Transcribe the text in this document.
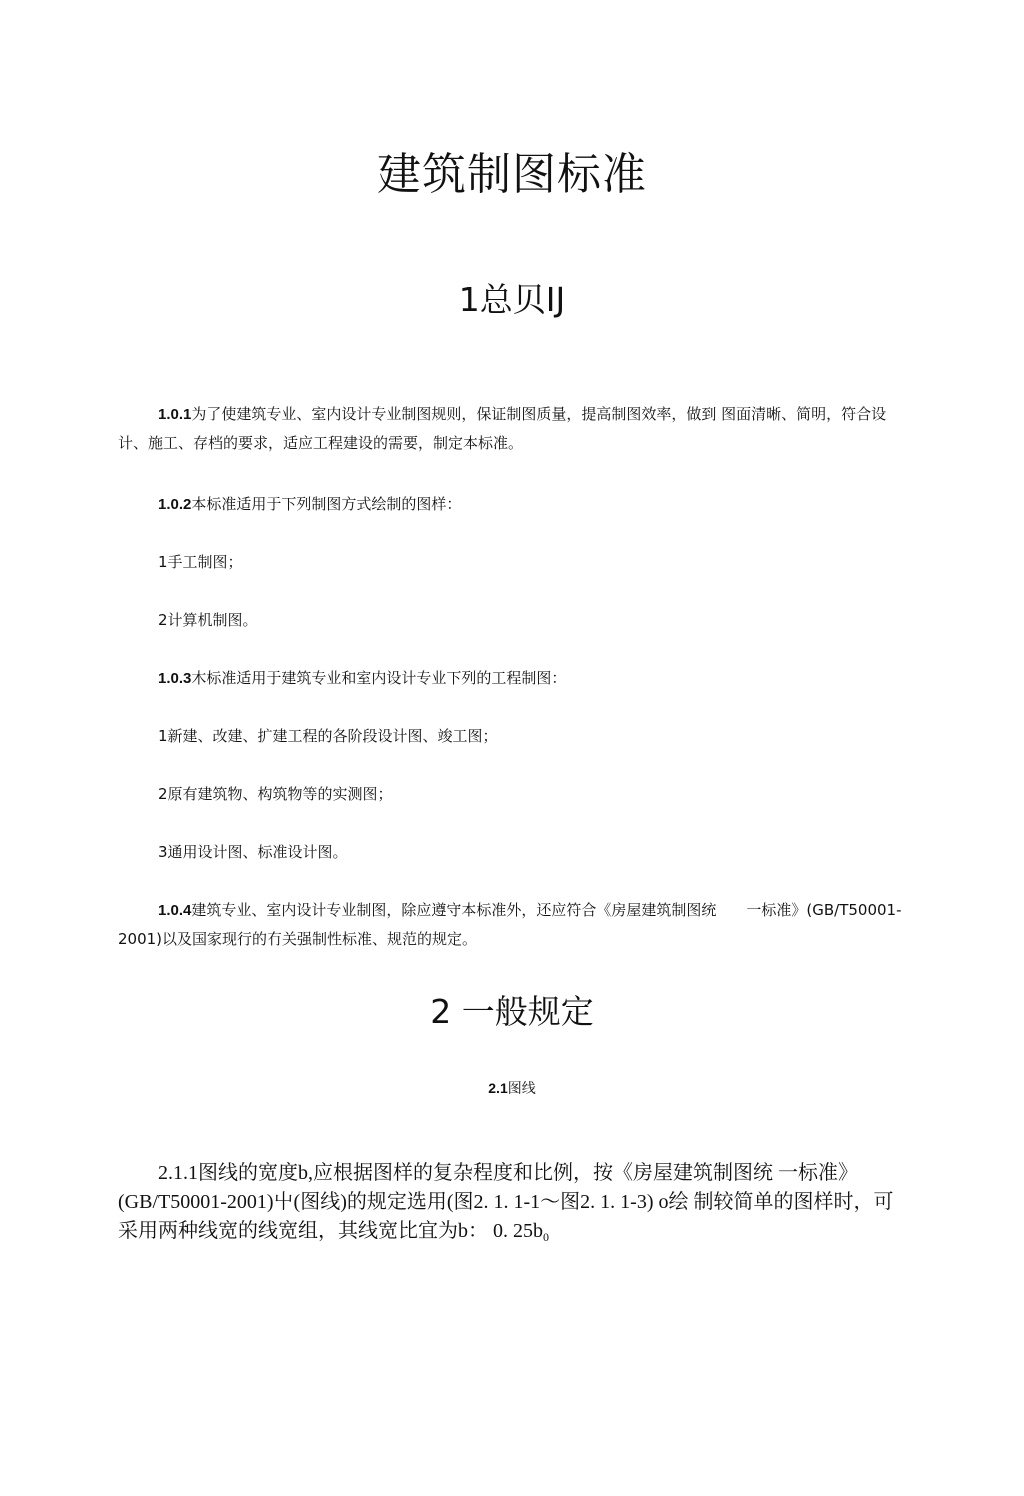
建筑制图标准
1总贝IJ
1.0.1为了使建筑专业、室内设计专业制图规则，保证制图质量，提高制图效率，做到 图面清晰、简明，符合设计、施工、存档的要求，适应工程建设的需要，制定本标准。
1.0.2本标准适用于下列制图方式绘制的图样：
1手工制图；
2计算机制图。
1.0.3木标准适用于建筑专业和室内设计专业下列的工程制图：
1新建、改建、扩建工程的各阶段设计图、竣工图；
2原有建筑物、构筑物等的实测图；
3通用设计图、标准设计图。
1.0.4建筑专业、室内设计专业制图，除应遵守本标准外，还应符合《房屋建筑制图统　　一标准》(GB/T50001-2001)以及国家现行的冇关强制性标准、规范的规定。
2 一般规定
2.1图线
2.1.1图线的宽度b,应根据图样的复杂程度和比例，按《房屋建筑制图统 一标准》(GB/T50001-2001)屮(图线)的规定选用(图2. 1. 1-1～图2. 1. 1-3) o绘 制较简单的图样时，可采用两种线宽的线宽组，其线宽比宜为b： 0. $25b_0$
